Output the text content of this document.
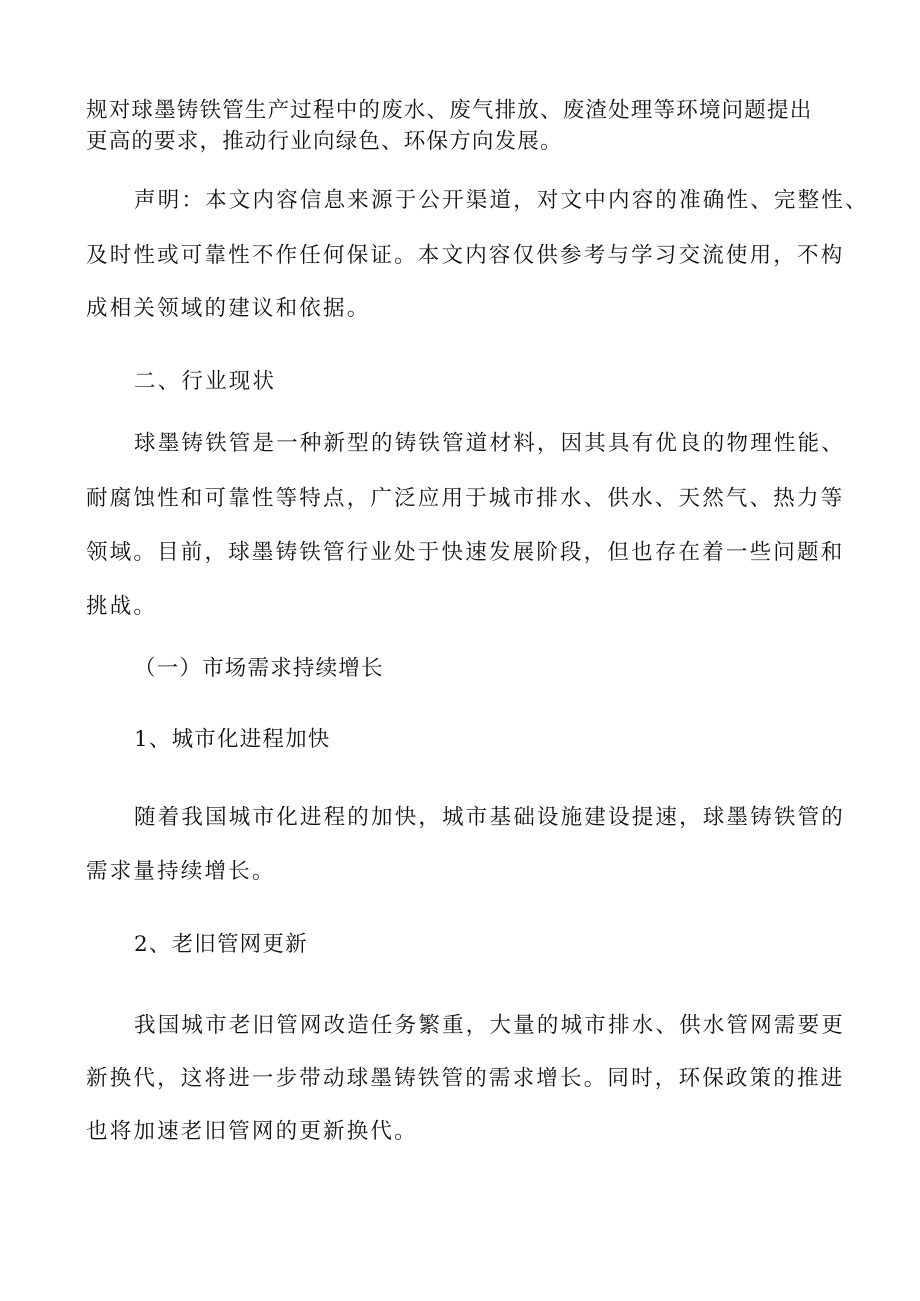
规对球墨铸铁管生产过程中的废水、废气排放、废渣处理等环境问题提出
更高的要求，推动行业向绿色、环保方向发展。
声明：本文内容信息来源于公开渠道，对文中内容的准确性、完整性、
及时性或可靠性不作任何保证。本文内容仅供参考与学习交流使用，不构
成相关领域的建议和依据。
二、行业现状
球墨铸铁管是一种新型的铸铁管道材料，因其具有优良的物理性能、
耐腐蚀性和可靠性等特点，广泛应用于城市排水、供水、天然气、热力等
领域。目前，球墨铸铁管行业处于快速发展阶段，但也存在着一些问题和
挑战。
（一）市场需求持续增长
1、城市化进程加快
随着我国城市化进程的加快，城市基础设施建设提速，球墨铸铁管的
需求量持续增长。
2、老旧管网更新
我国城市老旧管网改造任务繁重，大量的城市排水、供水管网需要更
新换代，这将进一步带动球墨铸铁管的需求增长。同时，环保政策的推进
也将加速老旧管网的更新换代。
